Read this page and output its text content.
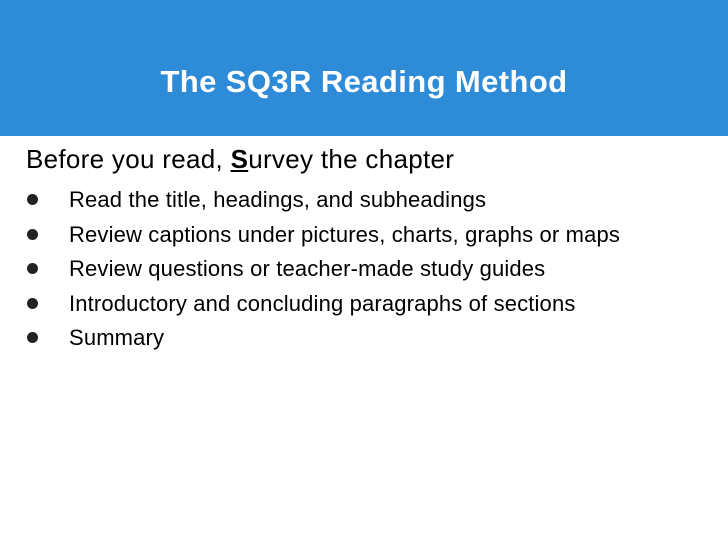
The SQ3R Reading Method
Before you read, Survey the chapter
Read the title, headings, and subheadings
Review captions under pictures, charts, graphs or maps
Review questions or teacher-made study guides
Introductory and concluding paragraphs of sections
Summary
